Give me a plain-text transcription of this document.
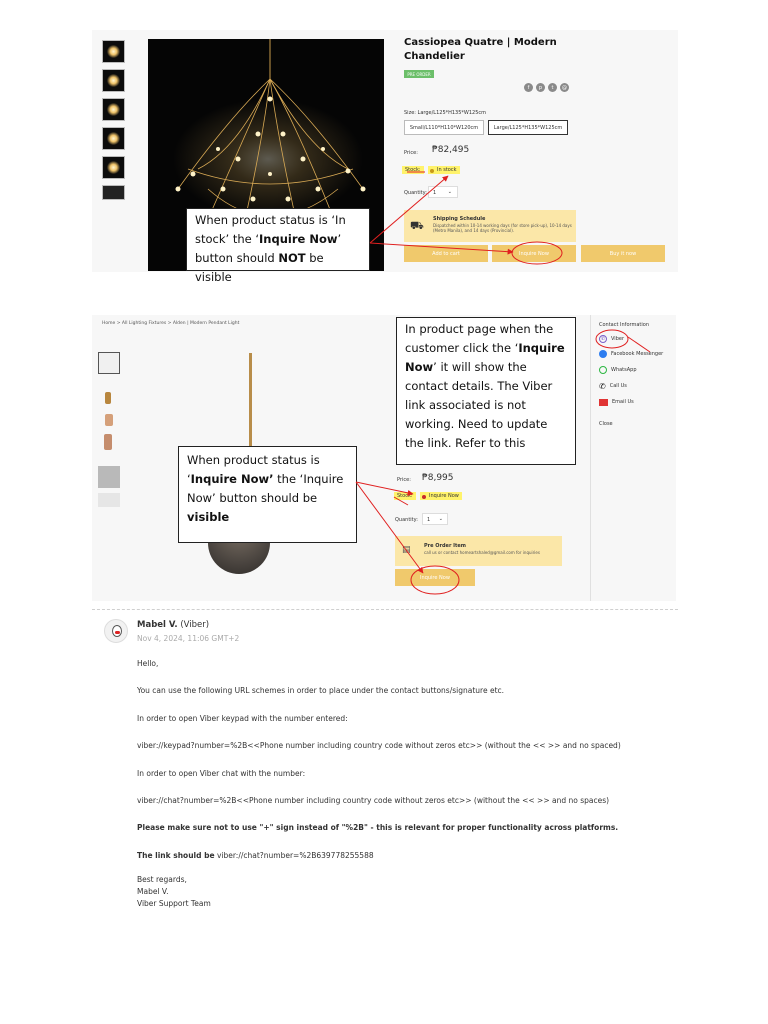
Cassiopea Quatre | Modern Chandelier
PRE ORDER
f	p	t	@
Size: Large/L125*H135*W125cm
Small/L110*H110*W120cm	Large/L125*H135*W125cm
Price: ₱82,495
Stock:	In stock
Quantity:	1 ⌄
⛟ Shipping Schedule
Dispatched within 10-14 working days (for store pick-up), 10-14 days (Metro Manila), and 14 days (Provincial).
Add to cart	Inquire Now	Buy it now
When product status is ‘In stock’ the ‘Inquire Now’ button should NOT be visible
Home > All Lighting Fixtures > Alden | Modern Pendant Light
Price: ₱8,995
Stock:	Inquire Now
Quantity:	1 ⌄
▤	Pre Order Item
call us or contact homeartshaled@gmail.com for inquiries
Inquire Now
Contact Information
✆	Viber
Facebook Messenger
WhatsApp
✆ Call Us
Email Us
Close
In product page when the customer click the ‘Inquire Now’ it will show the contact details. The Viber link associated is not working. Need to update the link. Refer to this
When product status is ‘Inquire Now’ the ‘Inquire Now’ button should be visible
Mabel V. (Viber)
Nov 4, 2024, 11:06 GMT+2
Hello,
You can use the following URL schemes in order to place under the contact buttons/signature etc.
In order to open Viber keypad with the number entered:
viber://keypad?number=%2B<<Phone number including country code without zeros etc>> (without the << >> and no spaced)
In order to open Viber chat with the number:
viber://chat?number=%2B<<Phone number including country code without zeros etc>> (without the << >> and no spaces)
Please make sure not to use "+" sign instead of "%2B" - this is relevant for proper functionality across platforms.
The link should be viber://chat?number=%2B639778255588
Best regards,
Mabel V.
Viber Support Team
